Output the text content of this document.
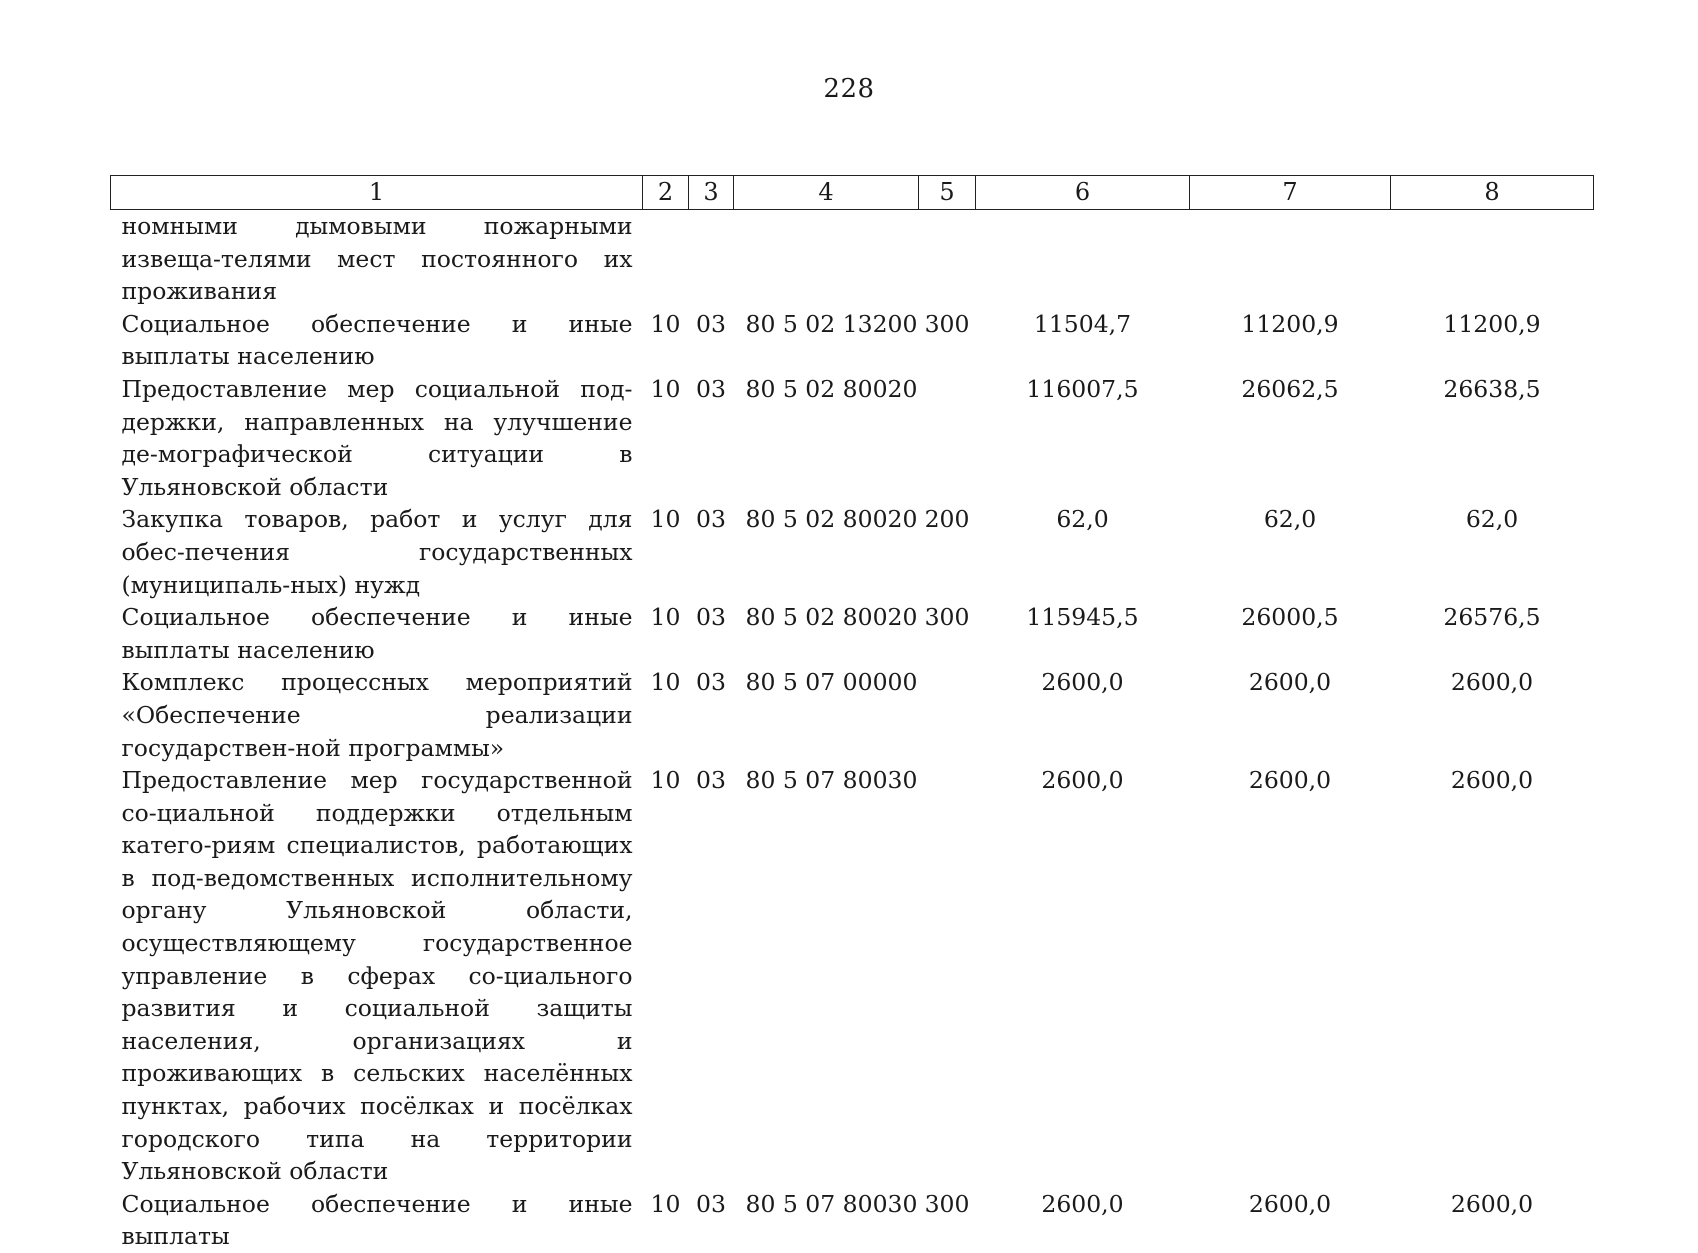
228
1	2	3	4	5	6	7	8
номными дымовыми пожарными извеща-телями мест постоянного их проживания							
Социальное обеспечение и иные выплаты населению	10	03	80 5 02 13200	300	11504,7	11200,9	11200,9
Предоставление мер социальной под-держки, направленных на улучшение де-мографической ситуации в Ульяновской области	10	03	80 5 02 80020		116007,5	26062,5	26638,5
Закупка товаров, работ и услуг для обес-печения государственных (муниципаль-ных) нужд	10	03	80 5 02 80020	200	62,0	62,0	62,0
Социальное обеспечение и иные выплаты населению	10	03	80 5 02 80020	300	115945,5	26000,5	26576,5
Комплекс процессных мероприятий «Обеспечение реализации государствен-ной программы»	10	03	80 5 07 00000		2600,0	2600,0	2600,0
Предоставление мер государственной со-циальной поддержки отдельным катего-риям специалистов, работающих в под-ведомственных исполнительному органу Ульяновской области, осуществляющему государственное управление в сферах со-циального развития и социальной защиты населения, организациях и проживающих в сельских населённых пунктах, рабочих посёлках и посёлках городского типа на территории Ульяновской области	10	03	80 5 07 80030		2600,0	2600,0	2600,0
Социальное обеспечение и иные выплаты	10	03	80 5 07 80030	300	2600,0	2600,0	2600,0
